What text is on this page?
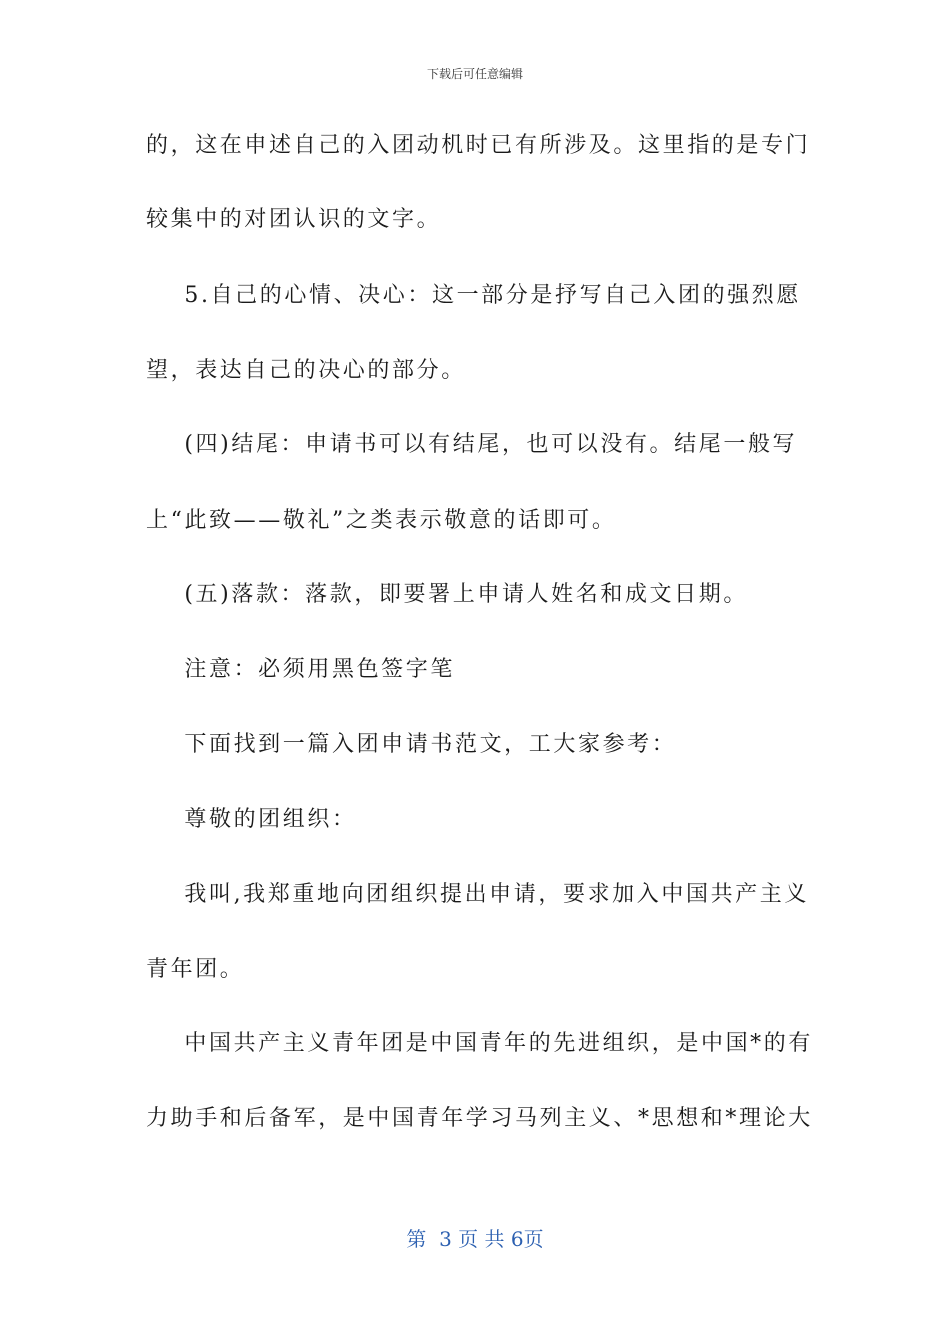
下载后可任意编辑
的，这在申述自己的入团动机时已有所涉及。这里指的是专门
较集中的对团认识的文字。
5.自己的心情、决心：这一部分是抒写自己入团的强烈愿
望，表达自己的决心的部分。
(四)结尾：申请书可以有结尾，也可以没有。结尾一般写
上“此致——敬礼”之类表示敬意的话即可。
(五)落款：落款，即要署上申请人姓名和成文日期。
注意：必须用黑色签字笔
下面找到一篇入团申请书范文，工大家参考：
尊敬的团组织：
我叫,我郑重地向团组织提出申请，要求加入中国共产主义
青年团。
中国共产主义青年团是中国青年的先进组织，是中国*的有
力助手和后备军，是中国青年学习马列主义、*思想和*理论大
第  3 页 共 6页
